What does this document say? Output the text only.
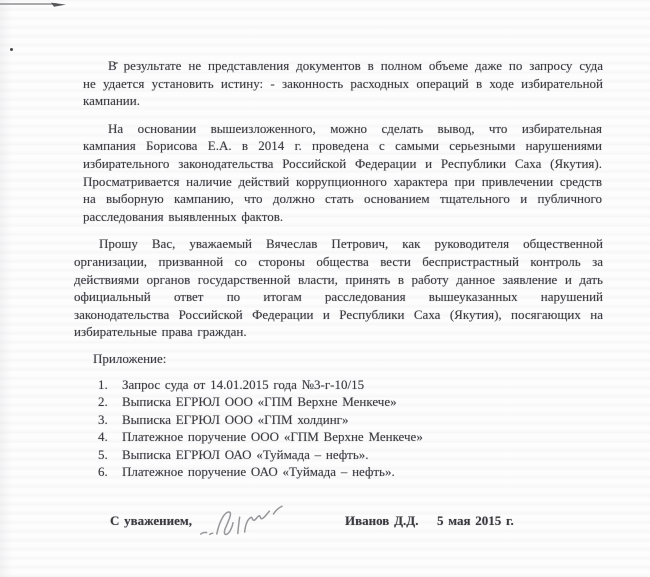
В результате не представления документов в полном объеме даже по запросу суда
не удается установить истину: - законность расходных операций в ходе избирательной
кампании.
На основании вышеизложенного, можно сделать вывод, что избирательная
кампания Борисова Е.А. в 2014 г. проведена с самыми серьезными нарушениями
избирательного законодательства Российской Федерации и Республики Саха (Якутия).
Просматривается наличие действий коррупционного характера при привлечении средств
на выборную кампанию, что должно стать основанием тщательного и публичного
расследования выявленных фактов.
Прошу Вас, уважаемый Вячеслав Петрович, как руководителя общественной
организации, призванной со стороны общества вести беспристрастный контроль за
действиями органов государственной власти, принять в работу данное заявление и дать
официальный ответ по итогам расследования вышеуказанных нарушений
законодательства Российской Федерации и Республики Саха (Якутия), посягающих на
избирательные права граждан.
Приложение:
1.	Запрос суда от 14.01.2015 года №3-г-10/15
2.	Выписка ЕГРЮЛ ООО «ГПМ Верхне Менкече»
3.	Выписка ЕГРЮЛ ООО «ГПМ холдинг»
4.	Платежное поручение ООО «ГПМ Верхне Менкече»
5.	Выписка ЕГРЮЛ ОАО «Туймада – нефть».
6.	Платежное поручение ОАО «Туймада – нефть».
С уважением,	Иванов Д.Д. 5 мая 2015 г.
